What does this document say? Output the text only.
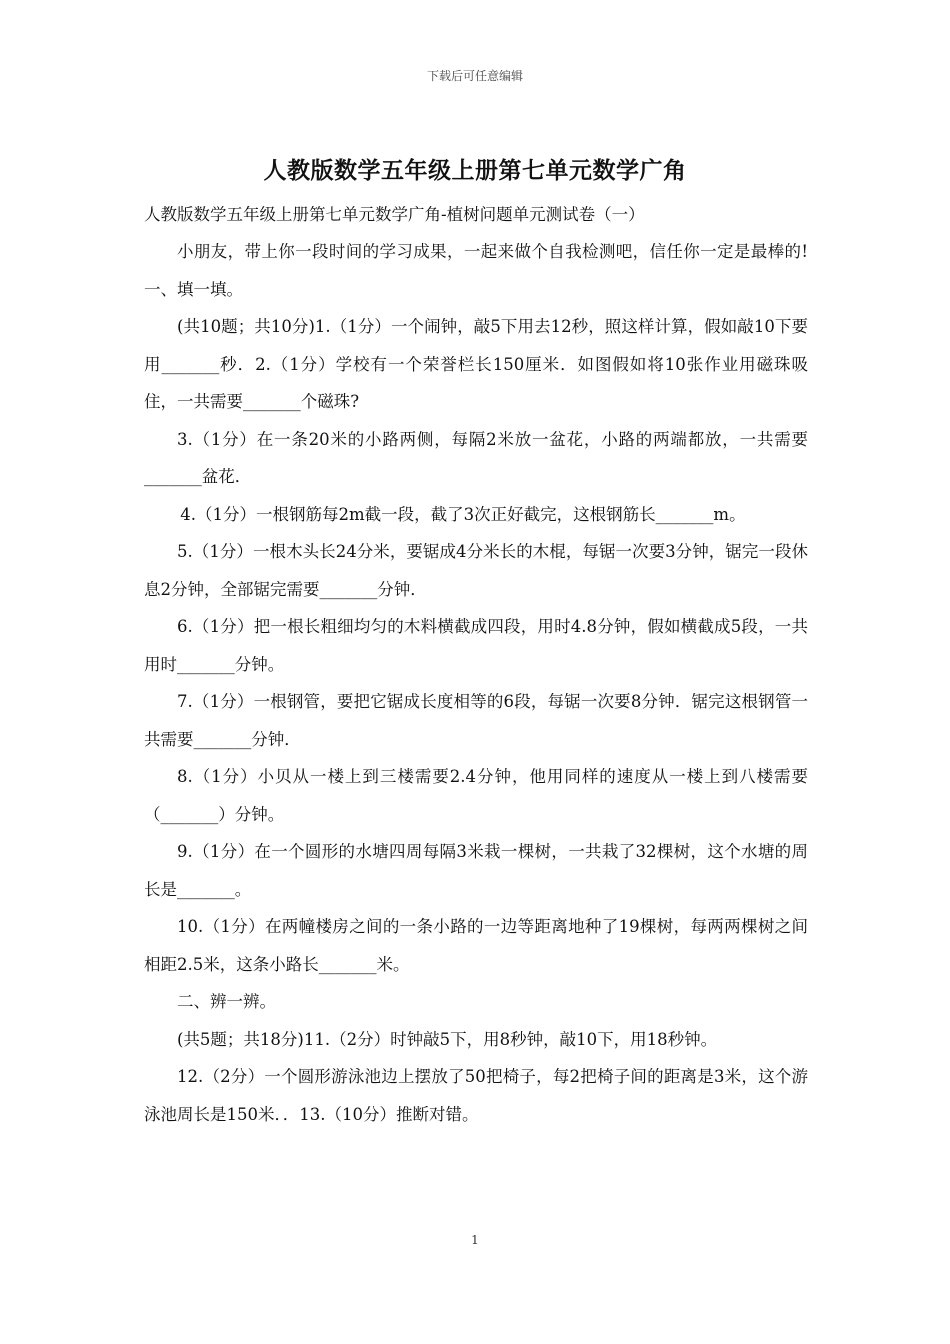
下载后可任意编辑
人教版数学五年级上册第七单元数学广角
人教版数学五年级上册第七单元数学广角-植树问题单元测试卷（一）

小朋友，带上你一段时间的学习成果，一起来做个自我检测吧，信任你一定是最棒的!一、填一填。

(共10题；共10分)1.（1分）一个闹钟，敲5下用去12秒，照这样计算，假如敲10下要用_______秒．2.（1分）学校有一个荣誉栏长150厘米．如图假如将10张作业用磁珠吸住，一共需要_______个磁珠?

3.（1分）在一条20米的小路两侧，每隔2米放一盆花，小路的两端都放，一共需要_______盆花．

4.（1分）一根钢筋每2m截一段，截了3次正好截完，这根钢筋长_______m。

5.（1分）一根木头长24分米，要锯成4分米长的木棍，每锯一次要3分钟，锯完一段休息2分钟，全部锯完需要_______分钟．

6.（1分）把一根长粗细均匀的木料横截成四段，用时4.8分钟，假如横截成5段，一共用时_______分钟。

7.（1分）一根钢管，要把它锯成长度相等的6段，每锯一次要8分钟．锯完这根钢管一共需要_______分钟．

8.（1分）小贝从一楼上到三楼需要2.4分钟，他用同样的速度从一楼上到八楼需要（_______）分钟。

9.（1分）在一个圆形的水塘四周每隔3米栽一棵树，一共栽了32棵树，这个水塘的周长是_______。

10.（1分）在两幢楼房之间的一条小路的一边等距离地种了19棵树，每两两棵树之间相距2.5米，这条小路长_______米。

二、辨一辨。

(共5题；共18分)11.（2分）时钟敲5下，用8秒钟，敲10下，用18秒钟。

12.（2分）一个圆形游泳池边上摆放了50把椅子，每2把椅子间的距离是3米，这个游泳池周长是150米．．13.（10分）推断对错。

1
